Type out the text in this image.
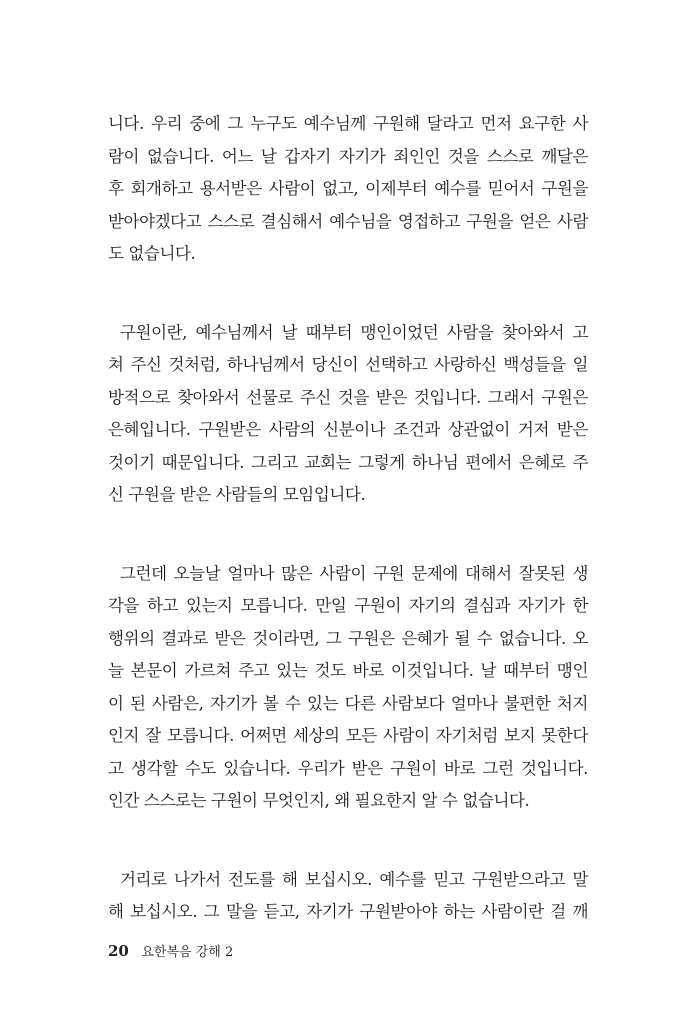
니다. 우리 중에 그 누구도 예수님께 구원해 달라고 먼저 요구한 사
람이 없습니다. 어느 날 갑자기 자기가 죄인인 것을 스스로 깨달은
후 회개하고 용서받은 사람이 없고, 이제부터 예수를 믿어서 구원을
받아야겠다고 스스로 결심해서 예수님을 영접하고 구원을 얻은 사람
도 없습니다.
구원이란, 예수님께서 날 때부터 맹인이었던 사람을 찾아와서 고
쳐 주신 것처럼, 하나님께서 당신이 선택하고 사랑하신 백성들을 일
방적으로 찾아와서 선물로 주신 것을 받은 것입니다. 그래서 구원은
은혜입니다. 구원받은 사람의 신분이나 조건과 상관없이 거저 받은
것이기 때문입니다. 그리고 교회는 그렇게 하나님 편에서 은혜로 주
신 구원을 받은 사람들의 모임입니다.
그런데 오늘날 얼마나 많은 사람이 구원 문제에 대해서 잘못된 생
각을 하고 있는지 모릅니다. 만일 구원이 자기의 결심과 자기가 한
행위의 결과로 받은 것이라면, 그 구원은 은혜가 될 수 없습니다. 오
늘 본문이 가르쳐 주고 있는 것도 바로 이것입니다. 날 때부터 맹인
이 된 사람은, 자기가 볼 수 있는 다른 사람보다 얼마나 불편한 처지
인지 잘 모릅니다. 어쩌면 세상의 모든 사람이 자기처럼 보지 못한다
고 생각할 수도 있습니다. 우리가 받은 구원이 바로 그런 것입니다.
인간 스스로는 구원이 무엇인지, 왜 필요한지 알 수 없습니다.
거리로 나가서 전도를 해 보십시오. 예수를 믿고 구원받으라고 말
해 보십시오. 그 말을 듣고, 자기가 구원받아야 하는 사람이란 걸 깨
20 요한복음 강해 2
